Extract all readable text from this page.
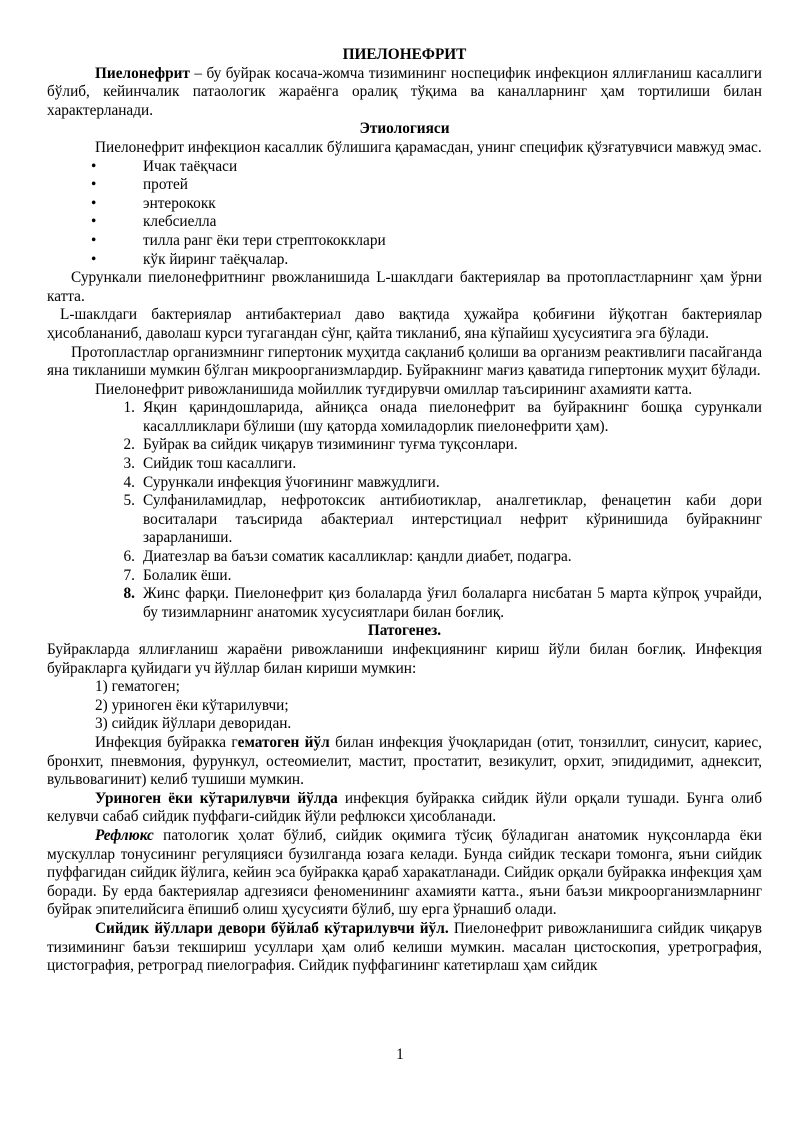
ПИЕЛОНЕФРИТ

Пиелонефрит – бу буйрак косача-жомча тизимининг носпецифик инфекцион яллиғланиш касаллиги бўлиб, кейинчалик патаологик жараёнга оралиқ тўқима ва каналларнинг ҳам тортилиши билан характерланади.

Этиологияси

Пиелонефрит инфекцион касаллик бўлишига қарамасдан, унинг специфик қўзғатувчиси мавжуд эмас.

•	Ичак таёқчаси
•	протей
•	энтерококк
•	клебсиелла
•	тилла ранг ёки тери стрептококклари
•	кўк йиринг таёқчалар.

Сурункали пиелонефритнинг рвожланишида L-шаклдаги бактериялар ва протопластларнинг ҳам ўрни катта.

L-шаклдаги бактериялар антибактериал даво вақтида ҳужайра қобиғини йўқотган бактериялар ҳисоблананиб, даволаш курси тугагандан сўнг, қайта тикланиб, яна кўпайиш ҳусусиятига эга бўлади.

Протопластлар организмнинг гипертоник муҳитда сақланиб қолиши ва организм реактивлиги пасайганда яна тикланиши мумкин бўлган микроорганизмлардир. Буйракнинг мағиз қаватида гипертоник муҳит бўлади.

Пиелонефрит ривожланишида мойиллик туғдирувчи омиллар таъсирининг ахамияти катта.

1. Яқин қариндошларида, айниқса онада пиелонефрит ва буйракнинг бошқа сурункали касаллликлари бўлиши (шу қаторда хомиладорлик пиелонефрити ҳам).
2. Буйрак ва сийдик чиқарув тизимининг туғма туқсонлари.
3. Сийдик тош касаллиги.
4. Сурункали инфекция ўчоғининг мавжудлиги.
5. Сулфаниламидлар, нефротоксик антибиотиклар, аналгетиклар, фенацетин каби дори воситалари таъсирида абактериал интерстициал нефрит кўринишида буйракнинг зарарланиши.
6. Диатезлар ва баъзи соматик касалликлар: қандли диабет, подагра.
7. Болалик ёши.
8. Жинс фарқи. Пиелонефрит қиз болаларда ўғил болаларга нисбатан 5 марта кўпроқ учрайди, бу тизимларнинг анатомик хусусиятлари билан боғлиқ.

Патогенез.

Буйракларда яллиғланиш жараёни ривожланиши инфекциянинг кириш йўли билан боғлиқ. Инфекция буйракларга қуйидаги уч йўллар билан кириши мумкин:

1) гематоген;

2) уриноген ёки кўтарилувчи;

3) сийдик йўллари деворидан.

Инфекция буйракка гематоген йўл билан инфекция ўчоқларидан (отит, тонзиллит, синусит, кариес, бронхит, пневмония, фурункул, остеомиелит, мастит, простатит, везикулит, орхит, эпидидимит, аднексит, вульвовагинит) келиб тушиши мумкин.

Уриноген ёки кўтарилувчи йўлда инфекция буйракка сийдик йўли орқали тушади. Бунга олиб келувчи сабаб сийдик пуффаги-сийдик йўли рефлюкси ҳисобланади.

Рефлюкс патологик ҳолат бўлиб, сийдик оқимига тўсиқ бўладиган анатомик нуқсонларда ёки мускуллар тонусининг регуляцияси бузилганда юзага келади. Бунда сийдик тескари томонга, яъни сийдик пуффагидан сийдик йўлига, кейин эса буйракка қараб харакатланади. Сийдик орқали буйракка инфекция ҳам боради. Бу ерда бактериялар адгезияси феноменининг ахамияти катта., яъни баъзи микроорганизмларнинг буйрак эпителийсига ёпишиб олиш ҳусусияти бўлиб, шу ерга ўрнашиб олади.

Сийдик йўллари девори бўйлаб кўтарилувчи йўл. Пиелонефрит ривожланишига сийдик чиқарув тизимининг баъзи текшириш усуллари ҳам олиб келиши мумкин. масалан цистоскопия, уретрография, цистография, ретроград пиелография. Сийдик пуффагининг катетирлаш ҳам сийдик

1
